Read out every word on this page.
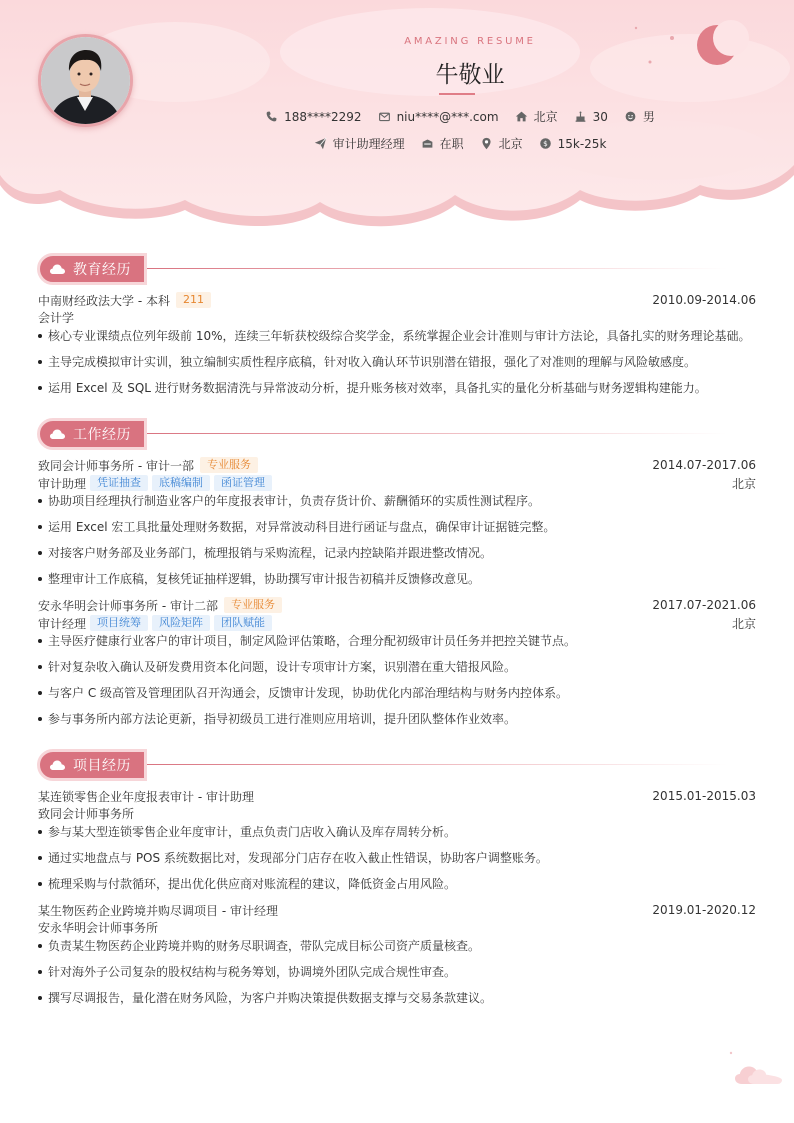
AMAZING RESUME
牛敬业
188****2292	niu****@***.com	北京	30	男
审计助理经理	在职	北京 $ 15k-25k
教育经历
中南财经政法大学 - 本科	211	2010.09-2014.06
会计学
核心专业课绩点位列年级前 10%，连续三年斩获校级综合奖学金，系统掌握企业会计准则与审计方法论，具备扎实的财务理论基础。
主导完成模拟审计实训，独立编制实质性程序底稿，针对收入确认环节识别潜在错报，强化了对准则的理解与风险敏感度。
运用 Excel 及 SQL 进行财务数据清洗与异常波动分析，提升账务核对效率，具备扎实的量化分析基础与财务逻辑构建能力。
工作经历
致同会计师事务所 - 审计一部	专业服务	2014.07-2017.06
审计助理	凭证抽查	底稿编制	函证管理	北京
协助项目经理执行制造业客户的年度报表审计，负责存货计价、薪酬循环的实质性测试程序。
运用 Excel 宏工具批量处理财务数据，对异常波动科目进行函证与盘点，确保审计证据链完整。
对接客户财务部及业务部门，梳理报销与采购流程，记录内控缺陷并跟进整改情况。
整理审计工作底稿，复核凭证抽样逻辑，协助撰写审计报告初稿并反馈修改意见。
安永华明会计师事务所 - 审计二部	专业服务	2017.07-2021.06
审计经理	项目统筹	风险矩阵	团队赋能	北京
主导医疗健康行业客户的审计项目，制定风险评估策略，合理分配初级审计员任务并把控关键节点。
针对复杂收入确认及研发费用资本化问题，设计专项审计方案，识别潜在重大错报风险。
与客户 C 级高管及管理团队召开沟通会，反馈审计发现，协助优化内部治理结构与财务内控体系。
参与事务所内部方法论更新，指导初级员工进行准则应用培训，提升团队整体作业效率。
项目经历
某连锁零售企业年度报表审计 - 审计助理	2015.01-2015.03
致同会计师事务所
参与某大型连锁零售企业年度审计，重点负责门店收入确认及库存周转分析。
通过实地盘点与 POS 系统数据比对，发现部分门店存在收入截止性错误，协助客户调整账务。
梳理采购与付款循环，提出优化供应商对账流程的建议，降低资金占用风险。
某生物医药企业跨境并购尽调项目 - 审计经理	2019.01-2020.12
安永华明会计师事务所
负责某生物医药企业跨境并购的财务尽职调查，带队完成目标公司资产质量核查。
针对海外子公司复杂的股权结构与税务筹划，协调境外团队完成合规性审查。
撰写尽调报告，量化潜在财务风险，为客户并购决策提供数据支撑与交易条款建议。
